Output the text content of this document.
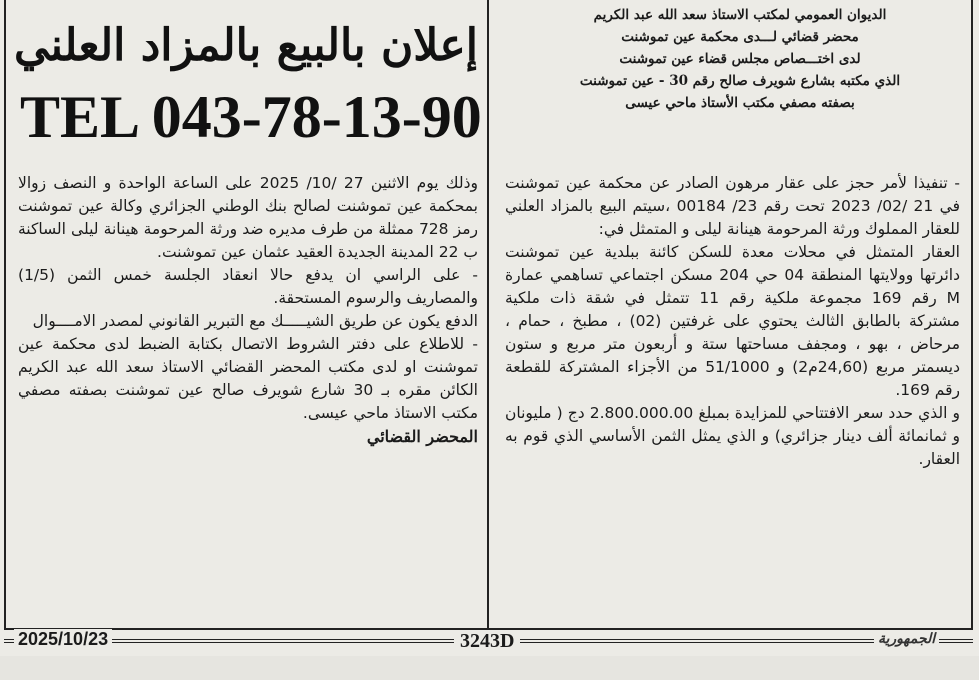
الديوان العمومي لمكتب الاستاذ سعد الله عبد الكريم
محضر قضائي لـــدى محكمة عين تموشنت
لدى اختـــصاص مجلس قضاء عين تموشنت
الذي مكتبه بشارع شويرف صالح رقم 30 - عين تموشنت
بصفته مصفي مكتب الأستاذ ماحي عيسى
إعلان بالبيع بالمزاد العلني
TEL 043-78-13-90

- تنفيذا لأمر حجز على عقار مرهون الصادر عن محكمة عين تموشنت في 21 /02/ 2023 تحت رقم 23/ 00184 ،سيتم البيع بالمزاد العلني للعقار المملوك ورثة المرحومة هينانة ليلى و المتمثل في:

العقار المتمثل في محلات معدة للسكن كائنة ببلدية عين تموشنت دائرتها وولايتها المنطقة 04 حي 204 مسكن اجتماعي تساهمي عمارة M رقم 169 مجموعة ملكية رقم 11 تتمثل في شقة ذات ملكية مشتركة بالطابق الثالث يحتوي على غرفتين (02) ، مطبخ ، حمام ، مرحاض ، بهو ، ومجفف مساحتها ستة و أربعون متر مربع و ستون ديسمتر مربع (24,60م2) و 51/1000 من الأجزاء المشتركة للقطعة رقم 169.

و الذي حدد سعر الافتتاحي للمزايدة بمبلغ 2.800.000.00 دج ( مليونان و ثمانمائة ألف دينار جزائري) و الذي يمثل الثمن الأساسي الذي قوم به العقار.

وذلك يوم الاثنين 27 /10/ 2025 على الساعة الواحدة و النصف زوالا بمحكمة عين تموشنت لصالح بنك الوطني الجزائري وكالة عين تموشنت رمز 728 ممثلة من طرف مديره ضد ورثة المرحومة هينانة ليلى الساكنة ب 22 المدينة الجديدة العقيد عثمان عين تموشنت.

- على الراسي ان يدفع حالا انعقاد الجلسة خمس الثمن (1/5) والمصاريف والرسوم المستحقة.

الدفع يكون عن طريق الشيـــــك مع التبرير القانوني لمصدر الامــــوال

- للاطلاع على دفتر الشروط الاتصال بكتابة الضبط لدى محكمة عين تموشنت او لدى مكتب المحضر القضائي الاستاذ سعد الله عبد الكريم الكائن مقره بـ 30 شارع شويرف صالح عين تموشنت بصفته مصفي مكتب الاستاذ ماحي عيسى.

المحضر القضائي

2025/10/23	3243D	الجمهورية
